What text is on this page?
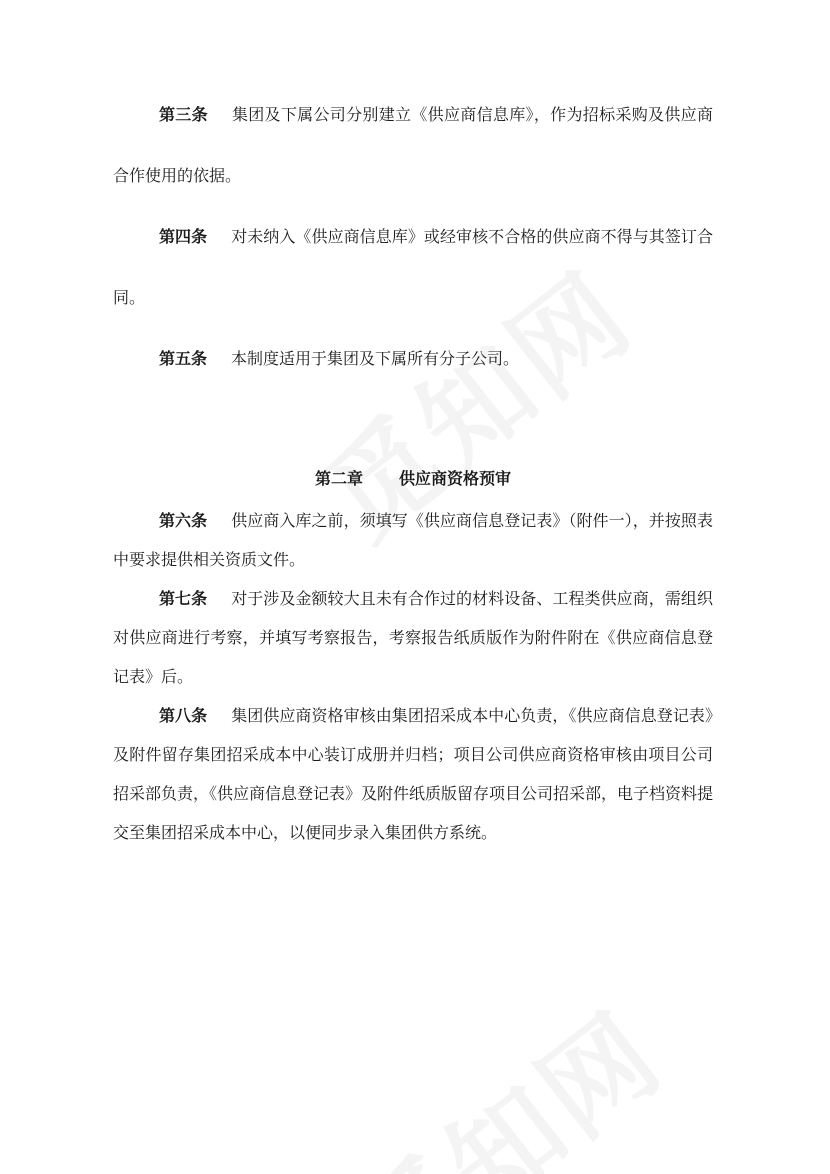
第三条 集团及下属公司分别建立《供应商信息库》，作为招标采购及供应商合作使用的依据。

第四条 对未纳入《供应商信息库》或经审核不合格的供应商不得与其签订合同。

第五条 本制度适用于集团及下属所有分子公司。

第二章 供应商资格预审

第六条 供应商入库之前，须填写《供应商信息登记表》（附件一），并按照表中要求提供相关资质文件。

第七条 对于涉及金额较大且未有合作过的材料设备、工程类供应商，需组织对供应商进行考察，并填写考察报告，考察报告纸质版作为附件附在《供应商信息登记表》后。

第八条 集团供应商资格审核由集团招采成本中心负责，《供应商信息登记表》及附件留存集团招采成本中心装订成册并归档；项目公司供应商资格审核由项目公司招采部负责，《供应商信息登记表》及附件纸质版留存项目公司招采部，电子档资料提交至集团招采成本中心，以便同步录入集团供方系统。
